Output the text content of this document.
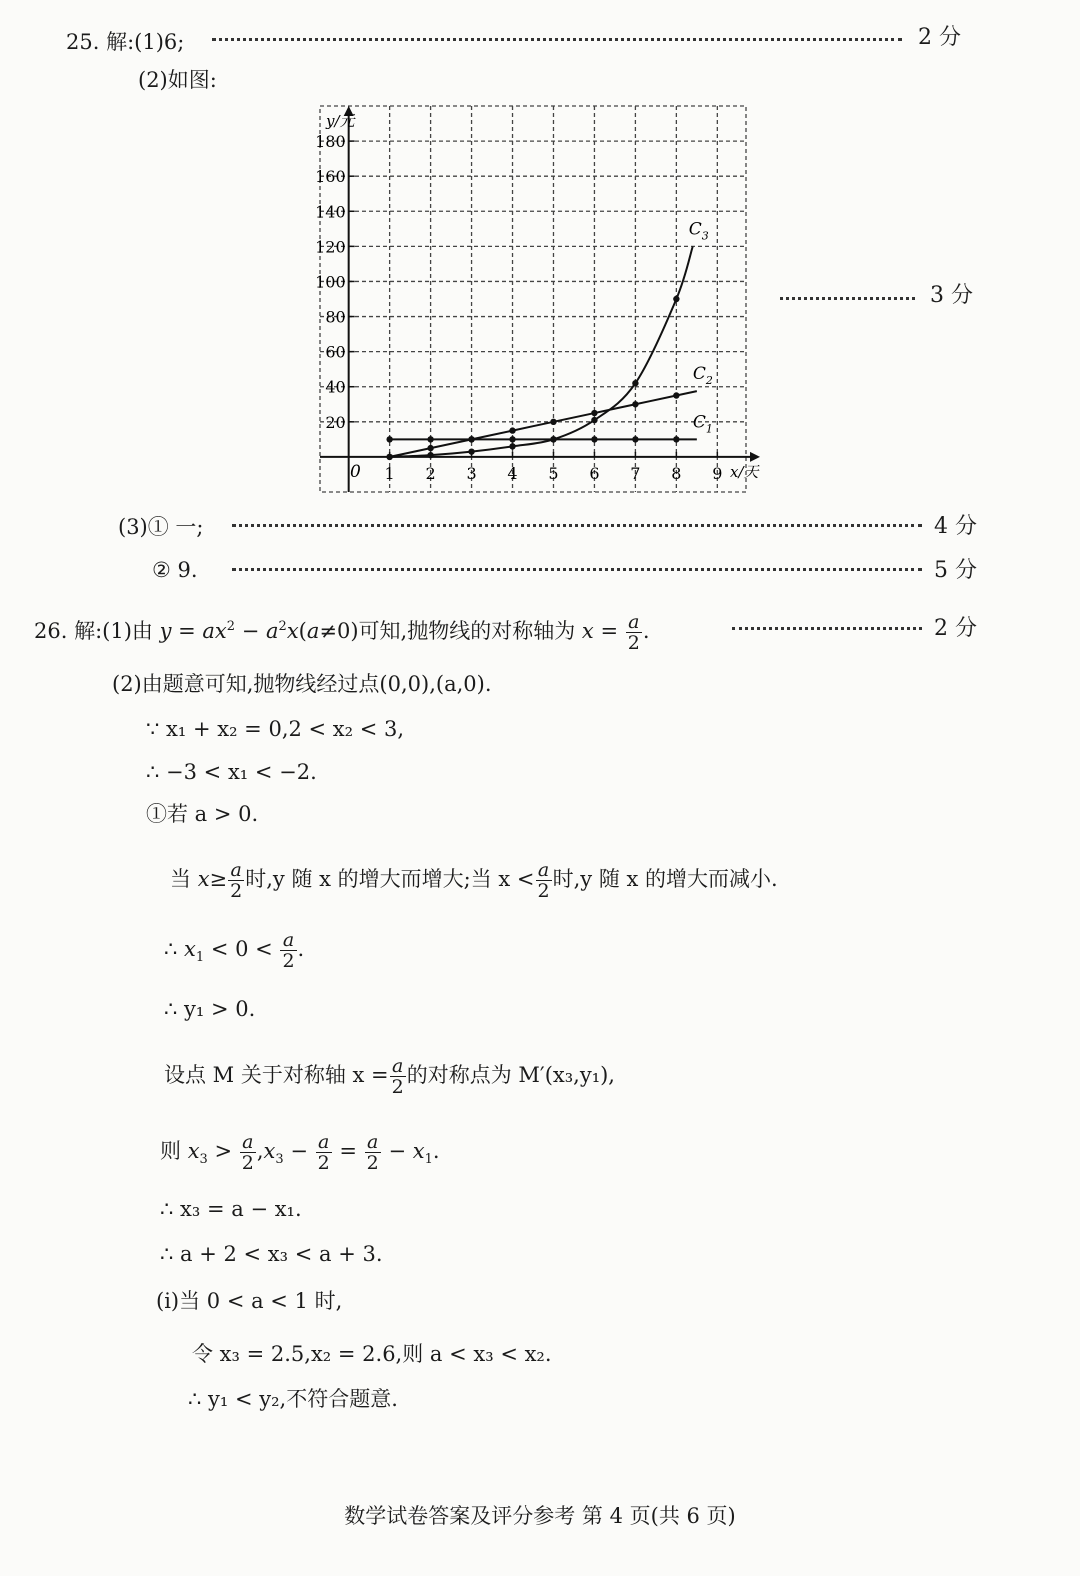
25. 解:(1)6;	2 分
(2)如图:
1 2 3 4 5 6 7 8 9
20
40
60
80
100
120
140
160
180
0
y/元
x/天
$C_1$
$C_2$
$C_3$
3 分
(3)① 一;	4 分
② 9.	5 分
26. 解:(1)由 $y = ax^2 - a^2x(a\ne 0)$可知,抛物线的对称轴为 $x = \frac{a}{2}$ .	2 分
(2)由题意可知,抛物线经过点(0,0),(a,0).
∵ x₁ + x₂ = 0,2 < x₂ < 3,
∴ −3 < x₁ < −2.
①若 a > 0.
当 $x\ge \frac{a}{2}$ 时,y 随 x 的增大而增大;当 $x < \frac{a}{2}$ 时,y 随 x 的增大而减小.
∴ $x_1 < 0 < \frac{a}{2}$ .
∴ y₁ > 0.
设点 M 关于对称轴 $x = \frac{a}{2}$ 的对称点为 M′(x₃,y₁),
则 $x_3 > \frac{a}{2} ,x_3 - \frac{a}{2} = \frac{a}{2} - x_1$.
∴ x₃ = a − x₁.
∴ a + 2 < x₃ < a + 3.
(i)当 0 < a < 1 时,
令 x₃ = 2.5,x₂ = 2.6,则 a < x₃ < x₂.
∴ y₁ < y₂,不符合题意.
数学试卷答案及评分参考 第 4 页(共 6 页)
